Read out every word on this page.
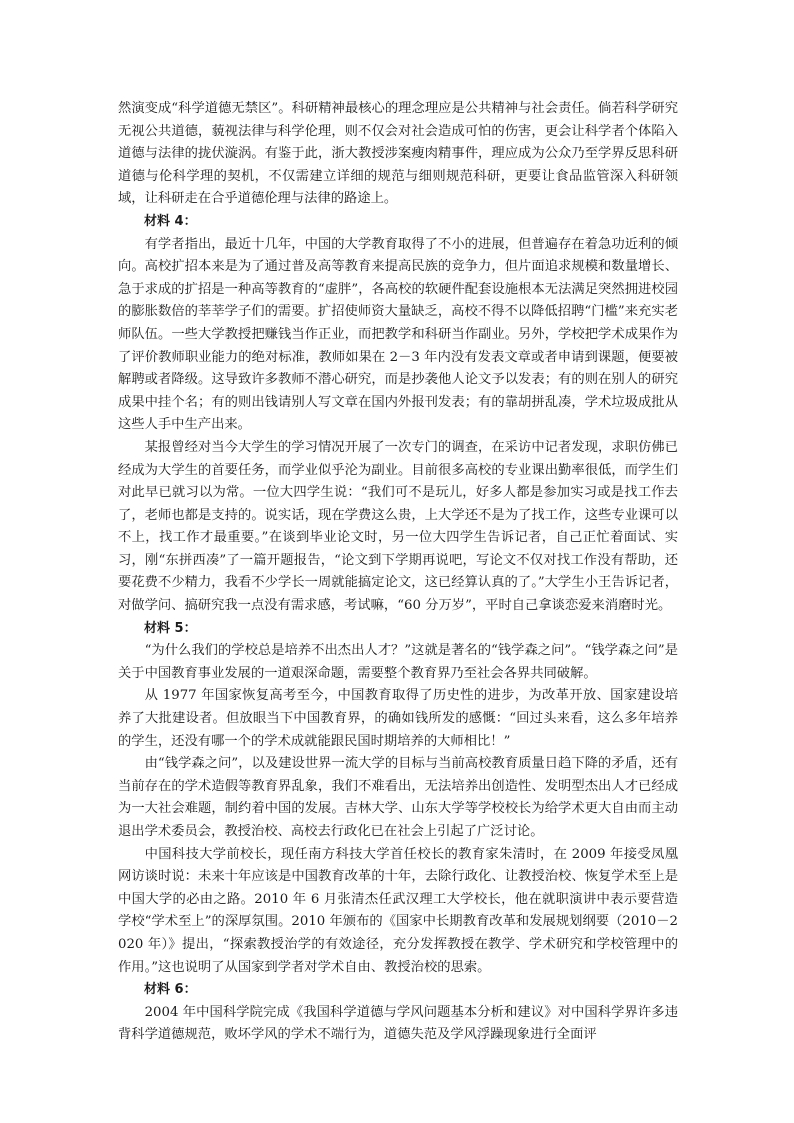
然演变成“科学道德无禁区”。科研精神最核心的理念理应是公共精神与社会责任。倘若科学研究无视公共道德，藐视法律与科学伦理，则不仅会对社会造成可怕的伤害，更会让科学者个体陷入道德与法律的拢伏漩涡。有鉴于此，浙大教授涉案瘦肉精事件，理应成为公众乃至学界反思科研道德与伦科学理的契机，不仅需建立详细的规范与细则规范科研，更要让食品监管深入科研领域，让科研走在合乎道德伦理与法律的路途上。

材料 4：

有学者指出，最近十几年，中国的大学教育取得了不小的进展，但普遍存在着急功近利的倾向。高校扩招本来是为了通过普及高等教育来提高民族的竞争力，但片面追求规模和数量增长、急于求成的扩招是一种高等教育的“虚胖”，各高校的软硬件配套设施根本无法满足突然拥进校园的膨胀数倍的莘莘学子们的需要。扩招使师资大量缺乏，高校不得不以降低招聘“门槛”来充实老师队伍。一些大学教授把赚钱当作正业，而把教学和科研当作副业。另外，学校把学术成果作为了评价教师职业能力的绝对标准，教师如果在 2－3 年内没有发表文章或者申请到课题，便要被解聘或者降级。这导致许多教师不潜心研究，而是抄袭他人论文予以发表；有的则在别人的研究成果中挂个名；有的则出钱请别人写文章在国内外报刊发表；有的靠胡拼乱凑，学术垃圾成批从这些人手中生产出来。

某报曾经对当今大学生的学习情况开展了一次专门的调查，在采访中记者发现，求职仿佛已经成为大学生的首要任务，而学业似乎沦为副业。目前很多高校的专业课出勤率很低，而学生们对此早已就习以为常。一位大四学生说：“我们可不是玩儿，好多人都是参加实习或是找工作去了，老师也都是支持的。说实话，现在学费这么贵，上大学还不是为了找工作，这些专业课可以不上，找工作才最重要。”在谈到毕业论文时，另一位大四学生告诉记者，自己正忙着面试、实习，刚“东拼西凑”了一篇开题报告，“论文到下学期再说吧，写论文不仅对找工作没有帮助，还要花费不少精力，我看不少学长一周就能搞定论文，这已经算认真的了。”大学生小王告诉记者，对做学问、搞研究我一点没有需求感，考试嘛，“60 分万岁”，平时自己拿谈恋爱来消磨时光。

材料 5：

“为什么我们的学校总是培养不出杰出人才？”这就是著名的“钱学森之问”。“钱学森之问”是关于中国教育事业发展的一道艰深命题，需要整个教育界乃至社会各界共同破解。

从 1977 年国家恢复高考至今，中国教育取得了历史性的进步，为改革开放、国家建设培养了大批建设者。但放眼当下中国教育界，的确如钱所发的感慨：“回过头来看，这么多年培养的学生，还没有哪一个的学术成就能跟民国时期培养的大师相比！”

由“钱学森之问”，以及建设世界一流大学的目标与当前高校教育质量日趋下降的矛盾，还有当前存在的学术造假等教育界乱象，我们不难看出，无法培养出创造性、发明型杰出人才已经成为一大社会难题，制约着中国的发展。吉林大学、山东大学等学校校长为给学术更大自由而主动退出学术委员会，教授治校、高校去行政化已在社会上引起了广泛讨论。

中国科技大学前校长，现任南方科技大学首任校长的教育家朱清时，在 2009 年接受凤凰网访谈时说：未来十年应该是中国教育改革的十年，去除行政化、让教授治校、恢复学术至上是中国大学的必由之路。2010 年 6 月张清杰任武汉理工大学校长，他在就职演讲中表示要营造学校“学术至上”的深厚氛围。2010 年颁布的《国家中长期教育改革和发展规划纲要（2010－2020 年）》提出，“探索教授治学的有效途径，充分发挥教授在教学、学术研究和学校管理中的作用。”这也说明了从国家到学者对学术自由、教授治校的思索。

材料 6：

2004 年中国科学院完成《我国科学道德与学风问题基本分析和建议》对中国科学界许多违背科学道德规范，败坏学风的学术不端行为，道德失范及学风浮躁现象进行全面评
